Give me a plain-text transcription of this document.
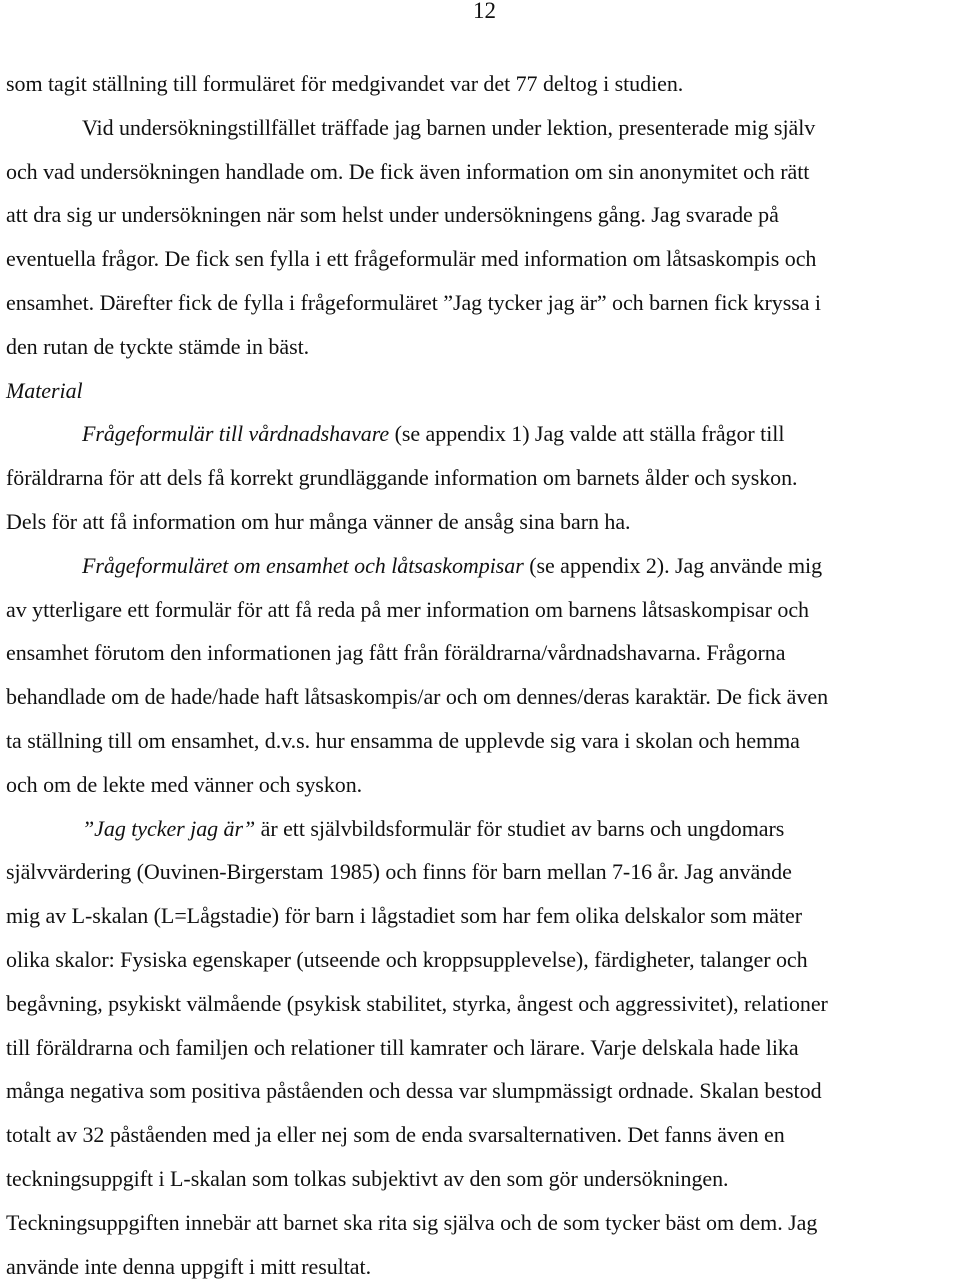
12
som tagit ställning till formuläret för medgivandet var det 77 deltog i studien.
Vid undersökningstillfället träffade jag barnen under lektion, presenterade mig själv
och vad undersökningen handlade om. De fick även information om sin anonymitet och rätt
att dra sig ur undersökningen när som helst under undersökningens gång. Jag svarade på
eventuella frågor. De fick sen fylla i ett frågeformulär med information om låtsaskompis och
ensamhet. Därefter fick de fylla i frågeformuläret ”Jag tycker jag är” och barnen fick kryssa i
den rutan de tyckte stämde in bäst.
Material
Frågeformulär till vårdnadshavare (se appendix 1) Jag valde att ställa frågor till
föräldrarna för att dels få korrekt grundläggande information om barnets ålder och syskon.
Dels för att få information om hur många vänner de ansåg sina barn ha.
Frågeformuläret om ensamhet och låtsaskompisar (se appendix 2). Jag använde mig
av ytterligare ett formulär för att få reda på mer information om barnens låtsaskompisar och
ensamhet förutom den informationen jag fått från föräldrarna/vårdnadshavarna. Frågorna
behandlade om de hade/hade haft låtsaskompis/ar och om dennes/deras karaktär. De fick även
ta ställning till om ensamhet, d.v.s. hur ensamma de upplevde sig vara i skolan och hemma
och om de lekte med vänner och syskon.
”Jag tycker jag är” är ett självbildsformulär för studiet av barns och ungdomars
självvärdering (Ouvinen-Birgerstam 1985) och finns för barn mellan 7-16 år. Jag använde
mig av L-skalan (L=Lågstadie) för barn i lågstadiet som har fem olika delskalor som mäter
olika skalor: Fysiska egenskaper (utseende och kroppsupplevelse), färdigheter, talanger och
begåvning, psykiskt välmående (psykisk stabilitet, styrka, ångest och aggressivitet), relationer
till föräldrarna och familjen och relationer till kamrater och lärare. Varje delskala hade lika
många negativa som positiva påståenden och dessa var slumpmässigt ordnade. Skalan bestod
totalt av 32 påståenden med ja eller nej som de enda svarsalternativen. Det fanns även en
teckningsuppgift i L-skalan som tolkas subjektivt av den som gör undersökningen.
Teckningsuppgiften innebär att barnet ska rita sig själva och de som tycker bäst om dem. Jag
använde inte denna uppgift i mitt resultat.
